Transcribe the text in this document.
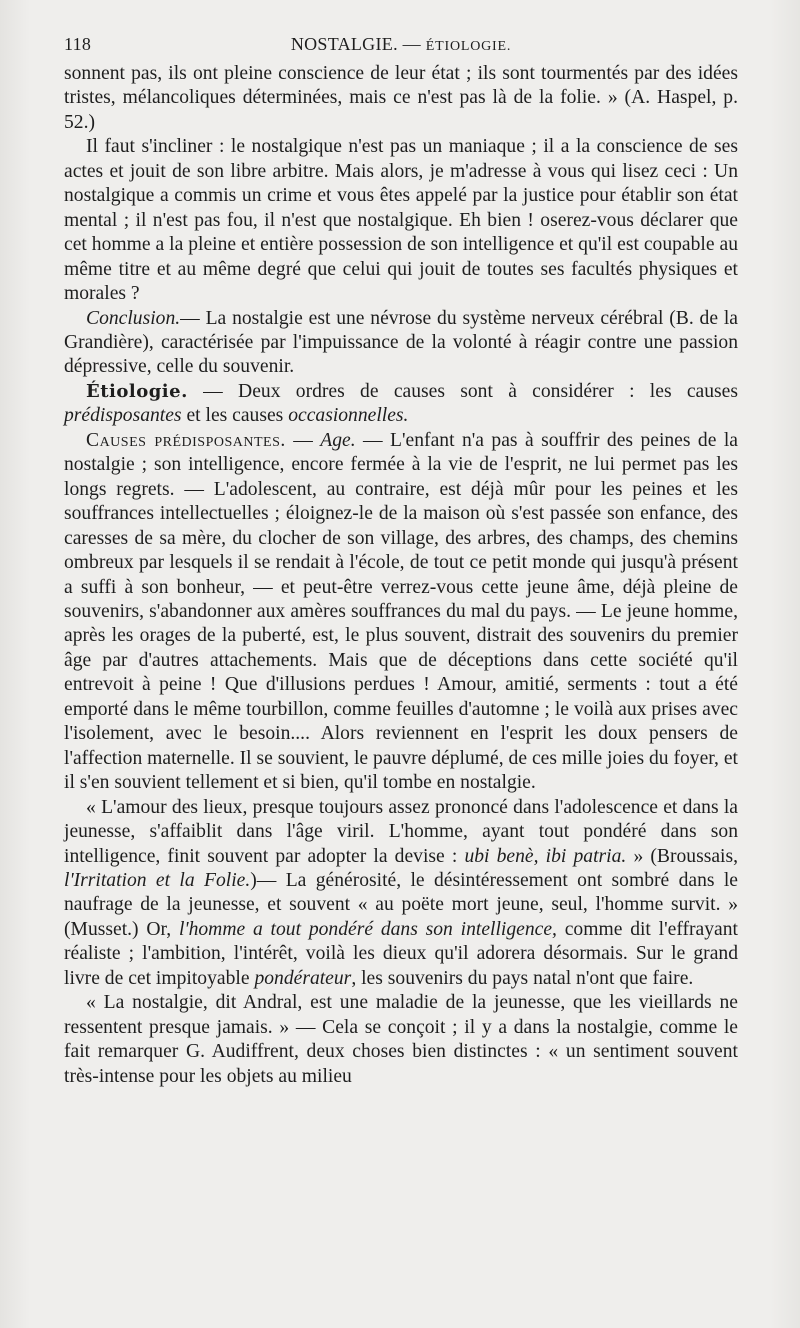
118	NOSTALGIE. — ÉTIOLOGIE.

sonnent pas, ils ont pleine conscience de leur état ; ils sont tourmentés par des idées tristes, mélancoliques déterminées, mais ce n'est pas là de la folie. » (A. Haspel, p. 52.)

Il faut s'incliner : le nostalgique n'est pas un maniaque ; il a la conscience de ses actes et jouit de son libre arbitre. Mais alors, je m'adresse à vous qui lisez ceci : Un nostalgique a commis un crime et vous êtes appelé par la justice pour établir son état mental ; il n'est pas fou, il n'est que nostalgique. Eh bien ! oserez-vous déclarer que cet homme a la pleine et entière possession de son intelligence et qu'il est coupable au même titre et au même degré que celui qui jouit de toutes ses facultés physiques et morales ?

Conclusion.— La nostalgie est une névrose du système nerveux cérébral (B. de la Grandière), caractérisée par l'impuissance de la volonté à réagir contre une passion dépressive, celle du souvenir.

Étiologie. — Deux ordres de causes sont à considérer : les causes prédisposantes et les causes occasionnelles.

Causes prédisposantes. — Age. — L'enfant n'a pas à souffrir des peines de la nostalgie ; son intelligence, encore fermée à la vie de l'esprit, ne lui permet pas les longs regrets. — L'adolescent, au contraire, est déjà mûr pour les peines et les souffrances intellectuelles ; éloignez-le de la maison où s'est passée son enfance, des caresses de sa mère, du clocher de son village, des arbres, des champs, des chemins ombreux par lesquels il se rendait à l'école, de tout ce petit monde qui jusqu'à présent a suffi à son bonheur, — et peut-être verrez-vous cette jeune âme, déjà pleine de souvenirs, s'abandonner aux amères souffrances du mal du pays. — Le jeune homme, après les orages de la puberté, est, le plus souvent, distrait des souvenirs du premier âge par d'autres attachements. Mais que de déceptions dans cette société qu'il entrevoit à peine ! Que d'illusions perdues ! Amour, amitié, serments : tout a été emporté dans le même tourbillon, comme feuilles d'automne ; le voilà aux prises avec l'isolement, avec le besoin.... Alors reviennent en l'esprit les doux pensers de l'affection maternelle. Il se souvient, le pauvre déplumé, de ces mille joies du foyer, et il s'en souvient tellement et si bien, qu'il tombe en nostalgie.

« L'amour des lieux, presque toujours assez prononcé dans l'adolescence et dans la jeunesse, s'affaiblit dans l'âge viril. L'homme, ayant tout pondéré dans son intelligence, finit souvent par adopter la devise : ubi benè, ibi patria. » (Broussais, l'Irritation et la Folie.)— La générosité, le désintéressement ont sombré dans le naufrage de la jeunesse, et souvent « au poëte mort jeune, seul, l'homme survit. » (Musset.) Or, l'homme a tout pondéré dans son intelligence, comme dit l'effrayant réaliste ; l'ambition, l'intérêt, voilà les dieux qu'il adorera désormais. Sur le grand livre de cet impitoyable pondérateur, les souvenirs du pays natal n'ont que faire.

« La nostalgie, dit Andral, est une maladie de la jeunesse, que les vieillards ne ressentent presque jamais. » — Cela se conçoit ; il y a dans la nostalgie, comme le fait remarquer G. Audiffrent, deux choses bien distinctes : « un sentiment souvent très-intense pour les objets au milieu
